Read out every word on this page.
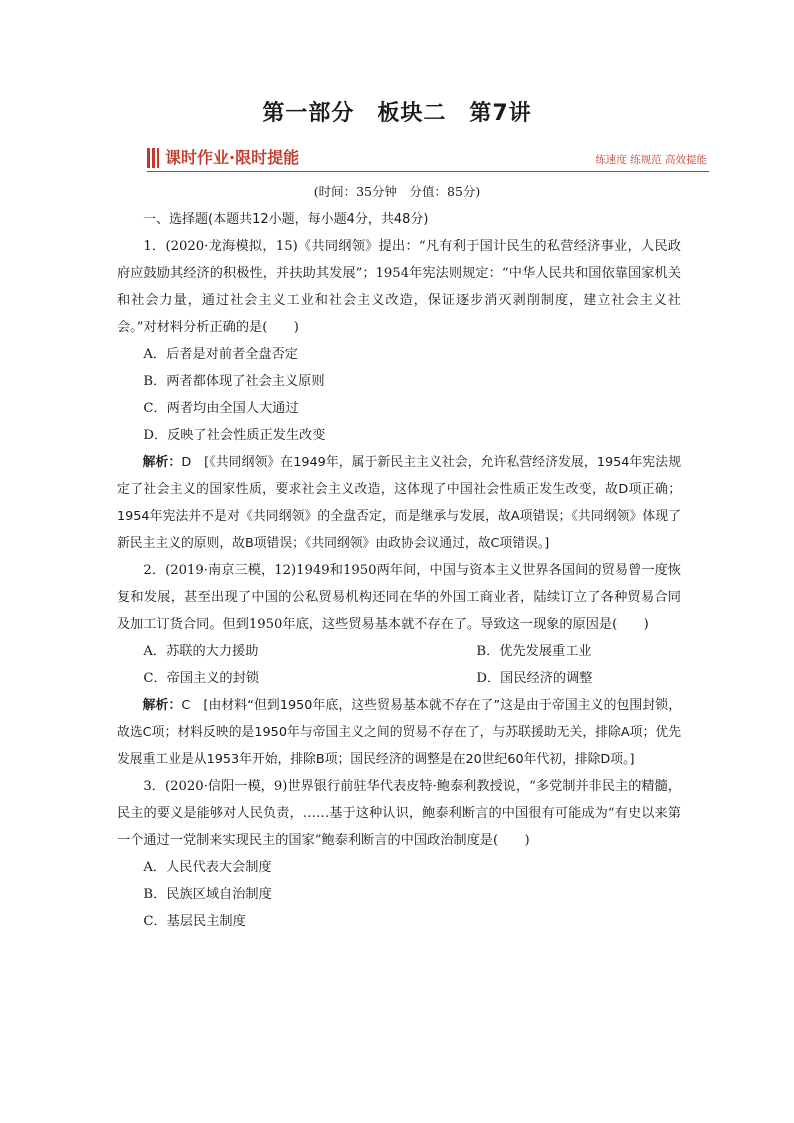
第一部分　板块二　第7讲
课时作业·限时提能	练速度 练规范 高效提能
(时间：35分钟　分值：85分)

一、选择题(本题共12小题，每小题4分，共48分)

1．(2020·龙海模拟，15)《共同纲领》提出：“凡有利于国计民生的私营经济事业，人民政府应鼓励其经济的积极性，并扶助其发展”；1954年宪法则规定：“中华人民共和国依靠国家机关和社会力量，通过社会主义工业和社会主义改造，保证逐步消灭剥削制度，建立社会主义社会。”对材料分析正确的是(　　)

A．后者是对前者全盘否定

B．两者都体现了社会主义原则

C．两者均由全国人大通过

D．反映了社会性质正发生改变

解析：D　[《共同纲领》在1949年，属于新民主主义社会，允许私营经济发展，1954年宪法规定了社会主义的国家性质，要求社会主义改造，这体现了中国社会性质正发生改变，故D项正确；1954年宪法并不是对《共同纲领》的全盘否定，而是继承与发展，故A项错误；《共同纲领》体现了新民主主义的原则，故B项错误；《共同纲领》由政协会议通过，故C项错误。]

2．(2019·南京三模，12)1949和1950两年间，中国与资本主义世界各国间的贸易曾一度恢复和发展，甚至出现了中国的公私贸易机构还同在华的外国工商业者，陆续订立了各种贸易合同及加工订货合同。但到1950年底，这些贸易基本就不存在了。导致这一现象的原因是(　　)

A．苏联的大力援助	B．优先发展重工业
C．帝国主义的封锁	D．国民经济的调整

解析：C　[由材料“但到1950年底，这些贸易基本就不存在了”这是由于帝国主义的包围封锁，故选C项；材料反映的是1950年与帝国主义之间的贸易不存在了，与苏联援助无关，排除A项；优先发展重工业是从1953年开始，排除B项；国民经济的调整是在20世纪60年代初，排除D项。]

3．(2020·信阳一模，9)世界银行前驻华代表皮特·鲍泰利教授说，“多党制并非民主的精髓，民主的要义是能够对人民负责，……基于这种认识，鲍泰利断言的中国很有可能成为“有史以来第一个通过一党制来实现民主的国家”鲍泰利断言的中国政治制度是(　　)

A．人民代表大会制度

B．民族区域自治制度

C．基层民主制度
